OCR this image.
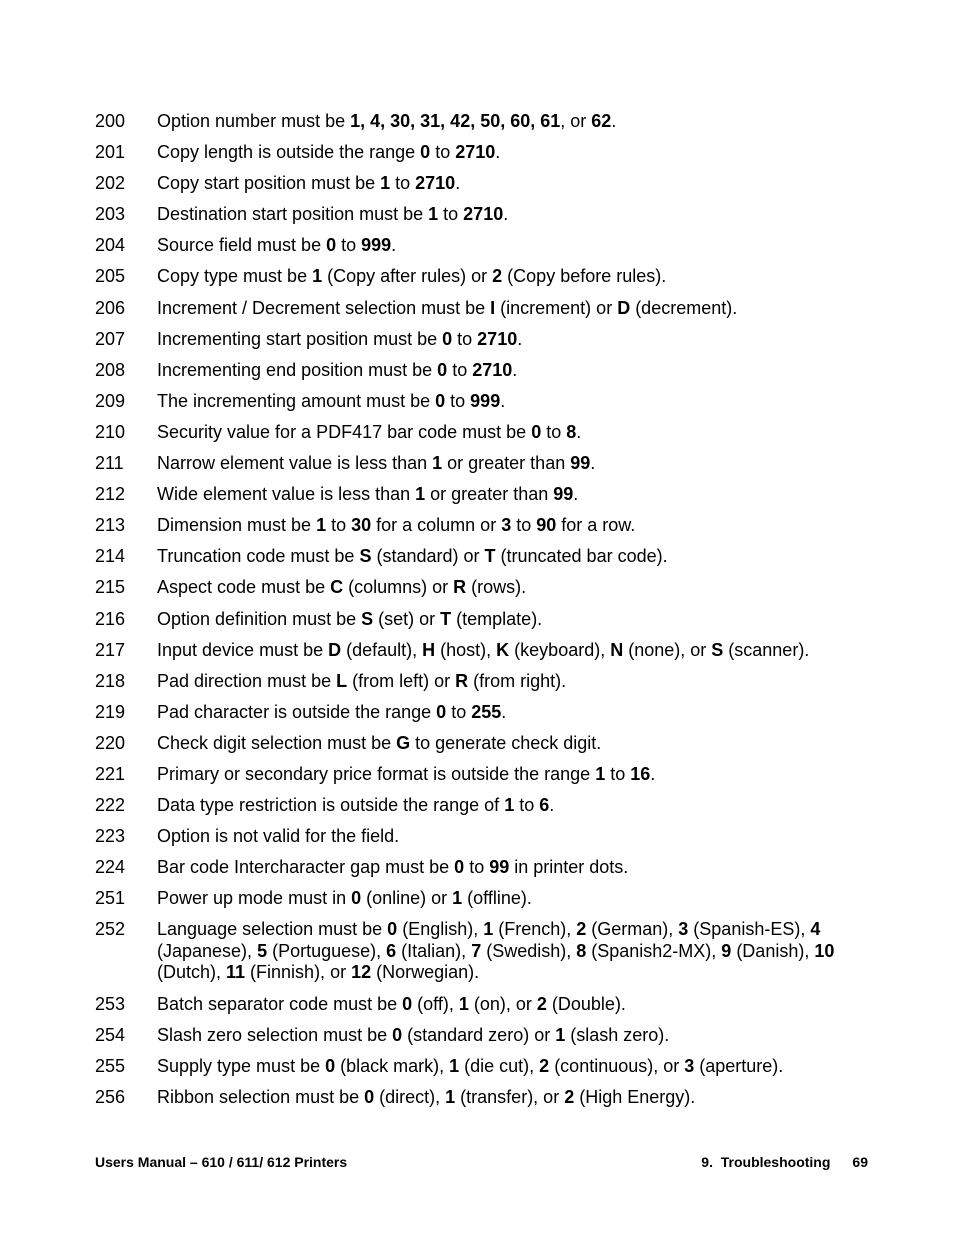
200	Option number must be 1, 4, 30, 31, 42, 50, 60, 61, or 62.
201	Copy length is outside the range 0 to 2710.
202	Copy start position must be 1 to 2710.
203	Destination start position must be 1 to 2710.
204	Source field must be 0 to 999.
205	Copy type must be 1 (Copy after rules) or 2 (Copy before rules).
206	Increment / Decrement selection must be I (increment) or D (decrement).
207	Incrementing start position must be 0 to 2710.
208	Incrementing end position must be 0 to 2710.
209	The incrementing amount must be 0 to 999.
210	Security value for a PDF417 bar code must be 0 to 8.
211	Narrow element value is less than 1 or greater than 99.
212	Wide element value is less than 1 or greater than 99.
213	Dimension must be 1 to 30 for a column or 3 to 90 for a row.
214	Truncation code must be S (standard) or T (truncated bar code).
215	Aspect code must be C (columns) or R (rows).
216	Option definition must be S (set) or T (template).
217	Input device must be D (default), H (host), K (keyboard), N (none), or S (scanner).
218	Pad direction must be L (from left) or R (from right).
219	Pad character is outside the range 0 to 255.
220	Check digit selection must be G to generate check digit.
221	Primary or secondary price format is outside the range 1 to 16.
222	Data type restriction is outside the range of 1 to 6.
223	Option is not valid for the field.
224	Bar code Intercharacter gap must be 0 to 99 in printer dots.
251	Power up mode must in 0 (online) or 1 (offline).
252	Language selection must be 0 (English), 1 (French), 2 (German), 3 (Spanish-ES), 4 (Japanese), 5 (Portuguese), 6 (Italian), 7 (Swedish), 8 (Spanish2-MX), 9 (Danish), 10 (Dutch), 11 (Finnish), or 12 (Norwegian).
253	Batch separator code must be 0 (off), 1 (on), or 2 (Double).
254	Slash zero selection must be 0 (standard zero) or 1 (slash zero).
255	Supply type must be 0 (black mark), 1 (die cut), 2 (continuous), or 3 (aperture).
256	Ribbon selection must be 0 (direct), 1 (transfer), or 2 (High Energy).
Users Manual – 610 / 611/ 612 Printers	9.  Troubleshooting 69
